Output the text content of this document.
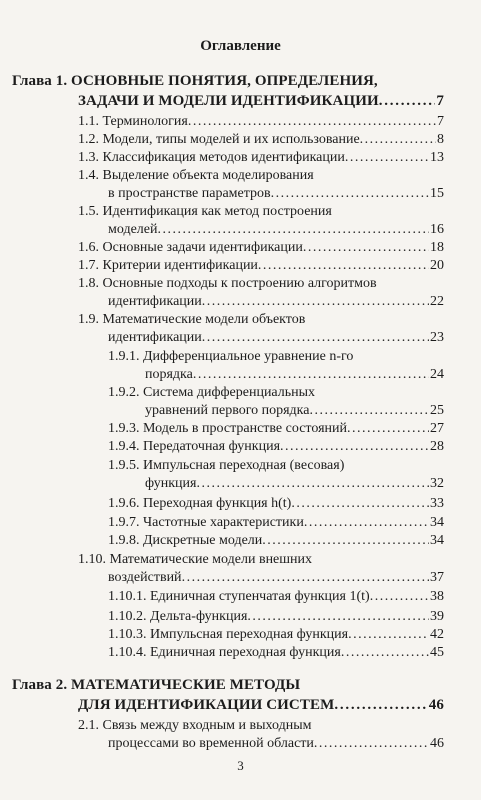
Оглавление
Глава 1. ОСНОВНЫЕ ПОНЯТИЯ, ОПРЕДЕЛЕНИЯ,
ЗАДАЧИ И МОДЕЛИ ИДЕНТИФИКАЦИИ . . .	7
1.1. Терминология . . .	7
1.2. Модели, типы моделей и их использование . . .	8
1.3. Классификация методов идентификации . . .	13
1.4. Выделение объекта моделирования
в пространстве параметров . . .	15
1.5. Идентификация как метод построения
моделей . . .	16
1.6. Основные задачи идентификации . . .	18
1.7. Критерии идентификации . . .	20
1.8. Основные подходы к построению алгоритмов
идентификации . . .	22
1.9. Математические модели объектов
идентификации . . .	23
1.9.1. Дифференциальное уравнение n-го
порядка . . .	24
1.9.2. Система дифференциальных
уравнений первого порядка . . .	25
1.9.3. Модель в пространстве состояний . . .	27
1.9.4. Передаточная функция . . .	28
1.9.5. Импульсная переходная (весовая)
функция . . .	32
1.9.6. Переходная функция h(t) . . .	33
1.9.7. Частотные характеристики . . .	34
1.9.8. Дискретные модели . . .	34
1.10. Математические модели внешних
воздействий . . .	37
1.10.1. Единичная ступенчатая функция 1(t) . . .	38
1.10.2. Дельта-функция . . .	39
1.10.3. Импульсная переходная функция . . .	42
1.10.4. Единичная переходная функция . . .	45
Глава 2. МАТЕМАТИЧЕСКИЕ МЕТОДЫ
ДЛЯ ИДЕНТИФИКАЦИИ СИСТЕМ . . .	46
2.1. Связь между входным и выходным
процессами во временной области . . .	46
3
